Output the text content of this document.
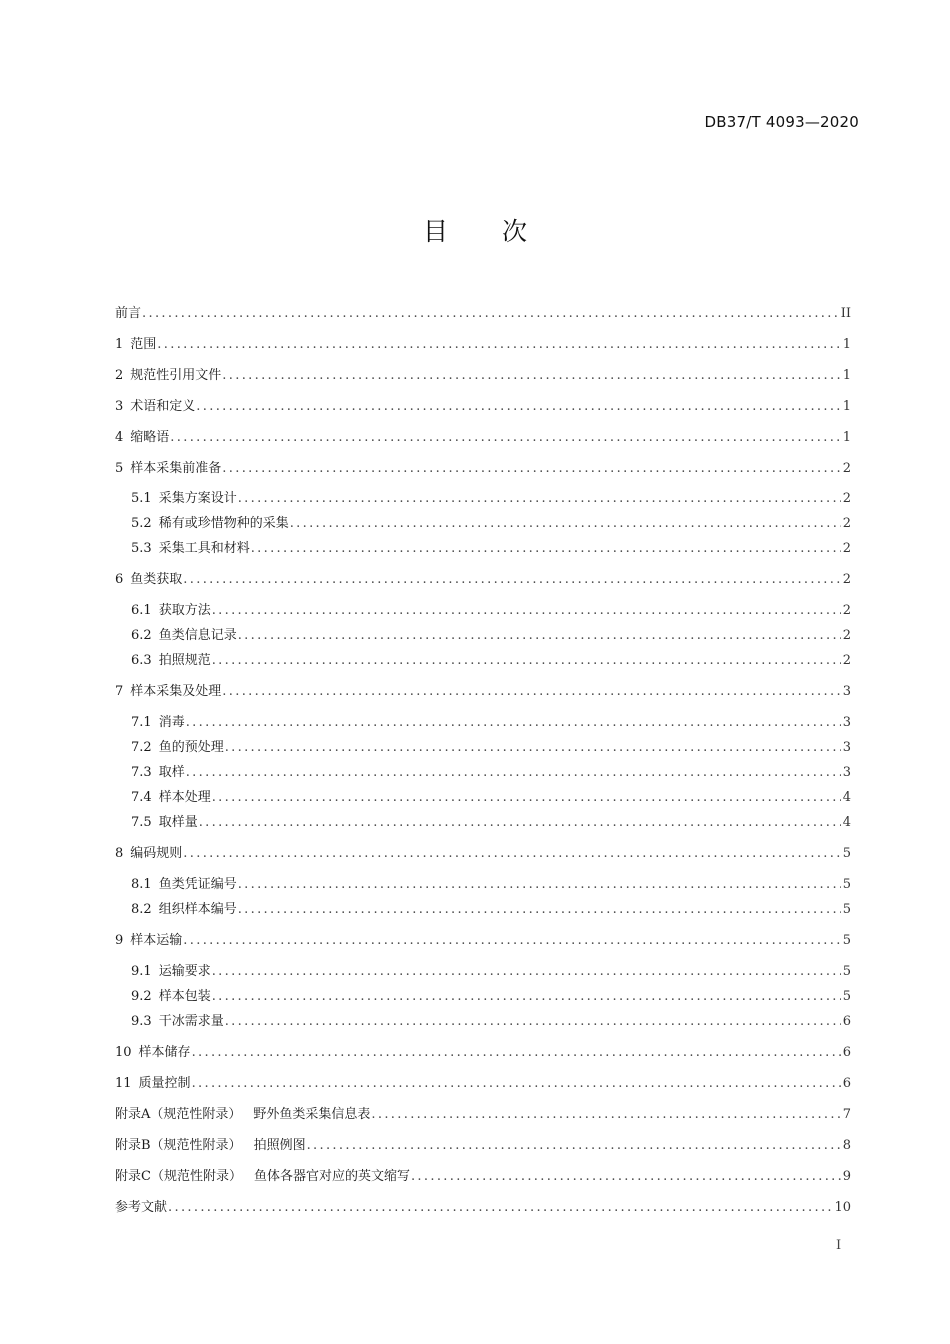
DB37/T 4093—2020
目 次
前言 . . .	II
1 范围 . . .	1
2 规范性引用文件 . . .	1
3 术语和定义 . . .	1
4 缩略语 . . .	1
5 样本采集前准备 . . .	2
5.1 采集方案设计 . . .	2
5.2 稀有或珍惜物种的采集 . . .	2
5.3 采集工具和材料 . . .	2
6 鱼类获取 . . .	2
6.1 获取方法 . . .	2
6.2 鱼类信息记录 . . .	2
6.3 拍照规范 . . .	2
7 样本采集及处理 . . .	3
7.1 消毒 . . .	3
7.2 鱼的预处理 . . .	3
7.3 取样 . . .	3
7.4 样本处理 . . .	4
7.5 取样量 . . .	4
8 编码规则 . . .	5
8.1 鱼类凭证编号 . . .	5
8.2 组织样本编号 . . .	5
9 样本运输 . . .	5
9.1 运输要求 . . .	5
9.2 样本包装 . . .	5
9.3 干冰需求量 . . .	6
10 样本储存 . . .	6
11 质量控制 . . .	6
附录A（规范性附录） 野外鱼类采集信息表 . . .	7
附录B（规范性附录） 拍照例图 . . .	8
附录C（规范性附录） 鱼体各器官对应的英文缩写 . . .	9
参考文献 . . .	10
I
